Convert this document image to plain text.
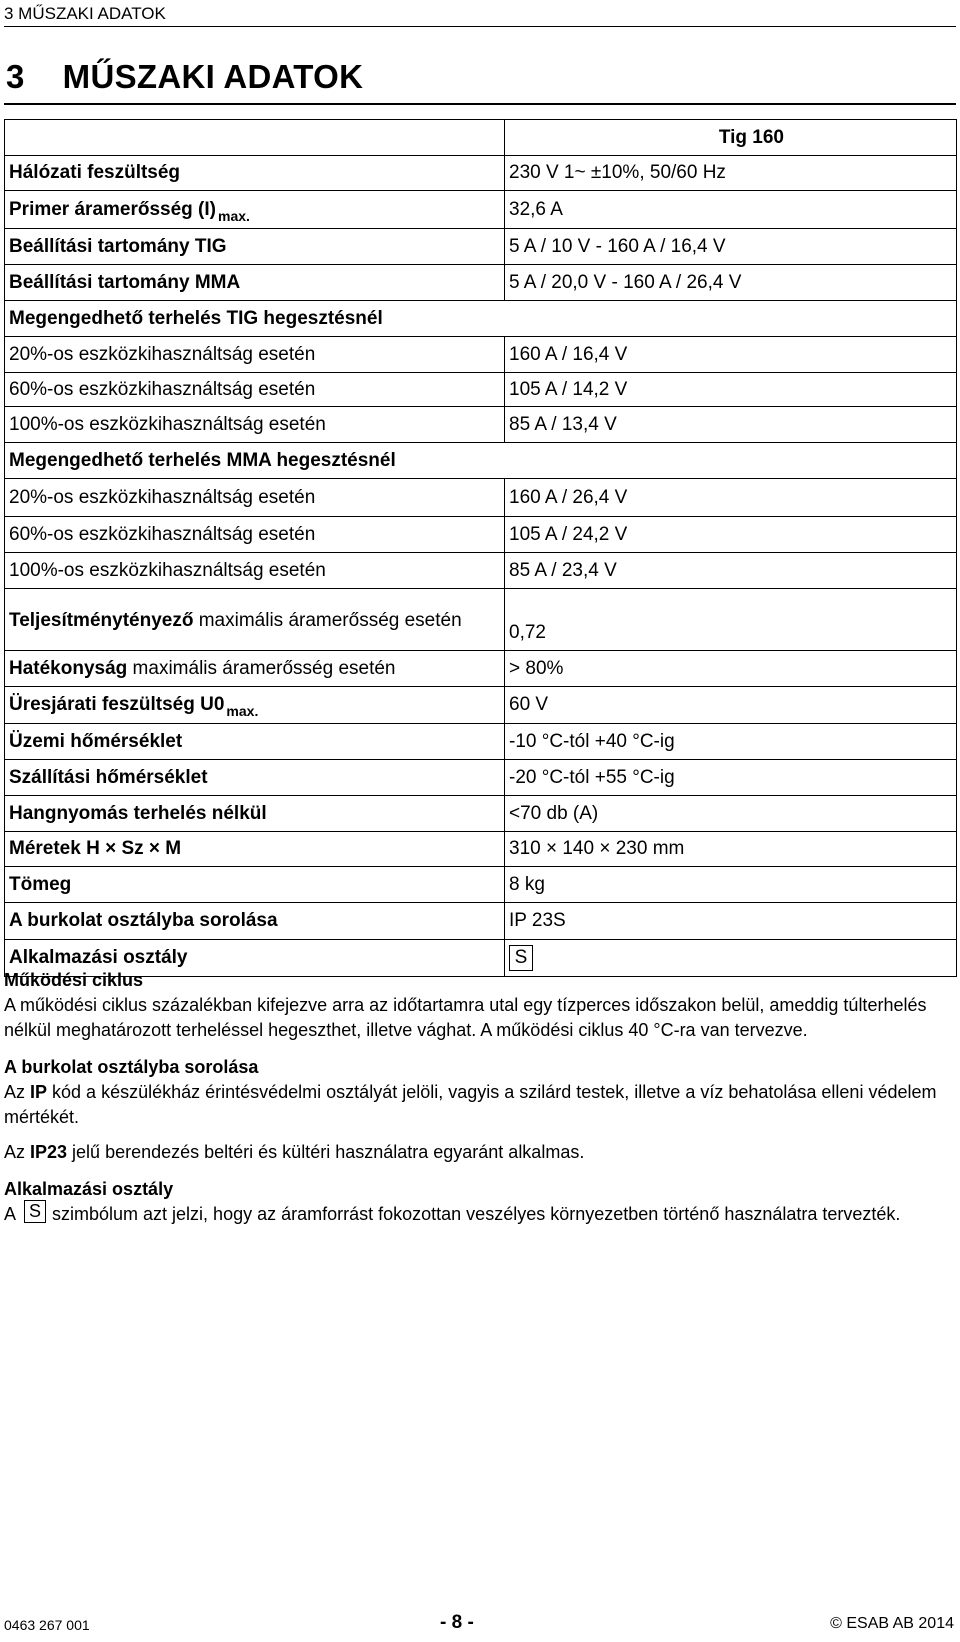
3 MŰSZAKI ADATOK
3 MŰSZAKI ADATOK
	Tig 160
Hálózati feszültség	230 V 1~ ±10%, 50/60 Hz
Primer áramerősség (I) $_{max.}$	32,6 A
Beállítási tartomány TIG	5 A / 10 V - 160 A / 16,4 V
Beállítási tartomány MMA	5 A / 20,0 V - 160 A / 26,4 V
Megengedhető terhelés TIG hegesztésnél	
20%-os eszközkihasználtság esetén	160 A / 16,4 V
60%-os eszközkihasználtság esetén	105 A / 14,2 V
100%-os eszközkihasználtság esetén	85 A / 13,4 V
Megengedhető terhelés MMA hegesztésnél	
20%-os eszközkihasználtság esetén	160 A / 26,4 V
60%-os eszközkihasználtság esetén	105 A / 24,2 V
100%-os eszközkihasználtság esetén	85 A / 23,4 V
Teljesítménytényező maximális áramerősség esetén	0,72
Hatékonyság maximális áramerősség esetén	> 80%
Üresjárati feszültség U0 $_{max.}$	60 V
Üzemi hőmérséklet	-10 °C-tól +40 °C-ig
Szállítási hőmérséklet	-20 °C-tól +55 °C-ig
Hangnyomás terhelés nélkül	<70 db (A)
Méretek H × Sz × M	310 × 140 × 230 mm
Tömeg	8 kg
A burkolat osztályba sorolása	IP 23S
Alkalmazási osztály	S
Működési ciklus

A működési ciklus százalékban kifejezve arra az időtartamra utal egy tízperces időszakon belül, ameddig túlterhelés nélkül meghatározott terheléssel hegeszthet, illetve vághat. A működési ciklus 40 °C-ra van tervezve.

A burkolat osztályba sorolása

Az IP kód a készülékház érintésvédelmi osztályát jelöli, vagyis a szilárd testek, illetve a víz behatolása elleni védelem mértékét.

Az IP23 jelű berendezés beltéri és kültéri használatra egyaránt alkalmas.

Alkalmazási osztály

A S szimbólum azt jelzi, hogy az áramforrást fokozottan veszélyes környezetben történő használatra tervezték.

0463 267 001	- 8 -	© ESAB AB 2014
